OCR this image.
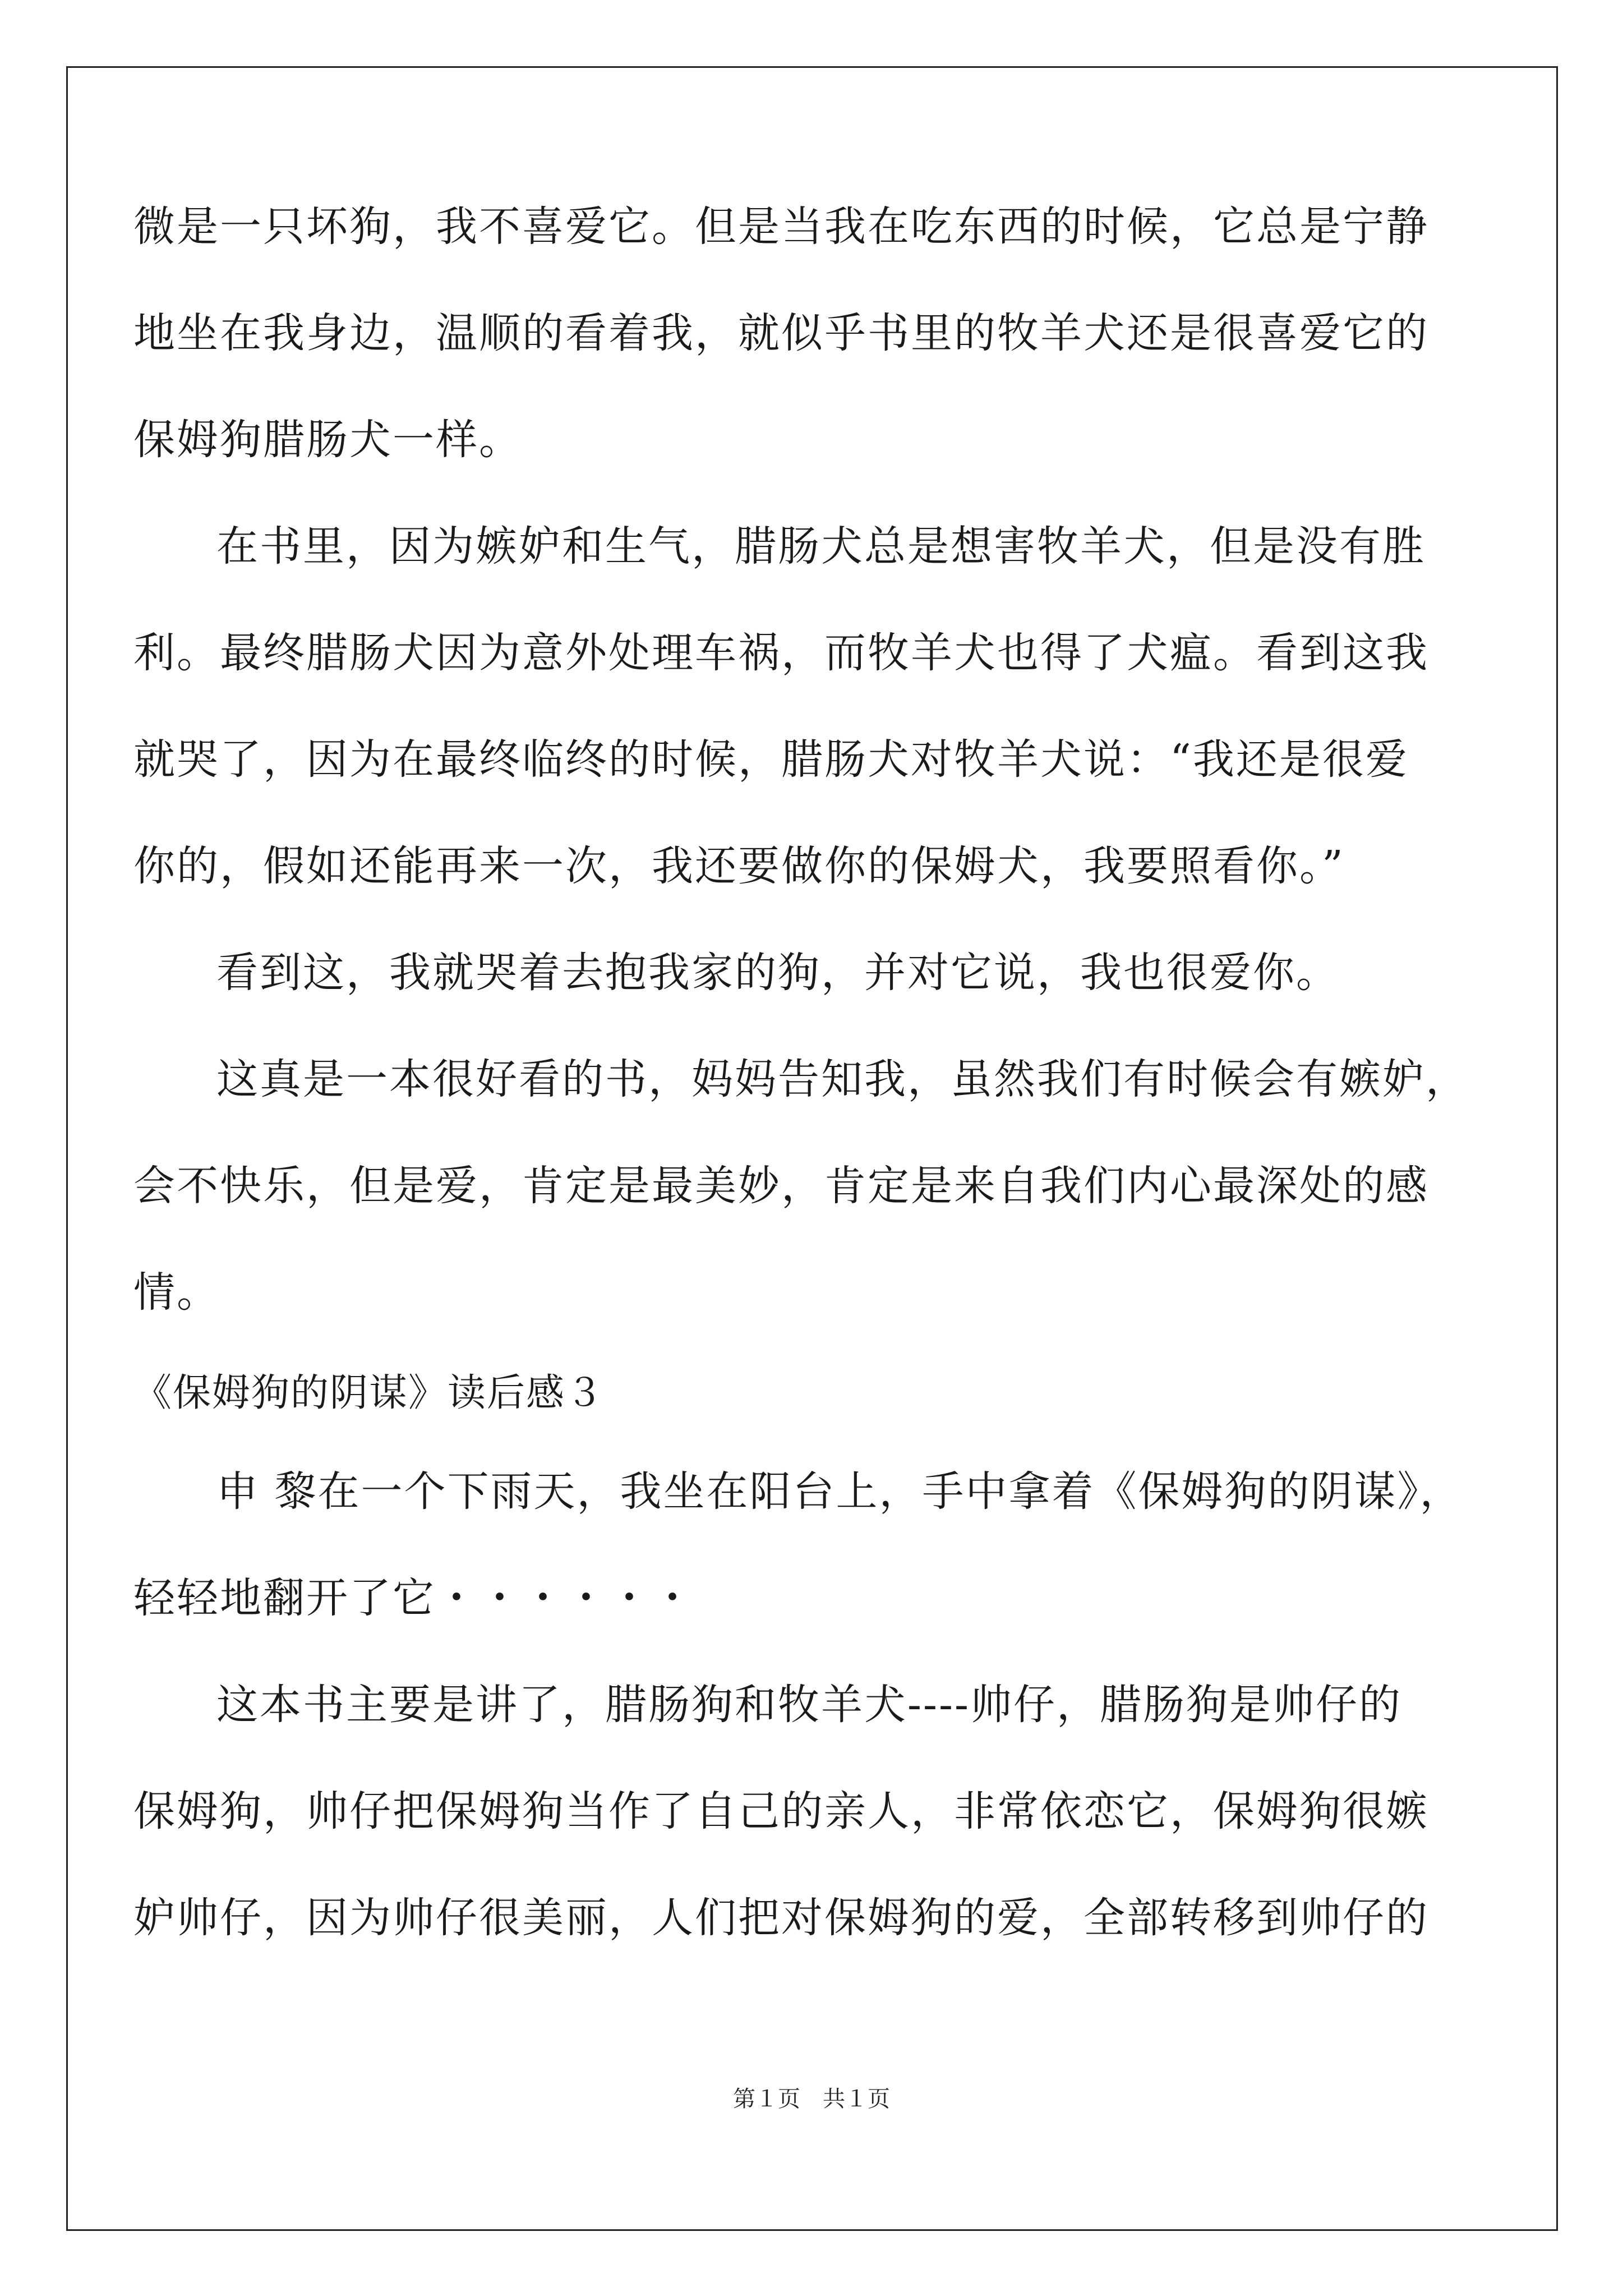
微是一只坏狗，我不喜爱它。但是当我在吃东西的时候，它总是宁静
地坐在我身边，温顺的看着我，就似乎书里的牧羊犬还是很喜爱它的
保姆狗腊肠犬一样。
在书里，因为嫉妒和生气，腊肠犬总是想害牧羊犬，但是没有胜
利。最终腊肠犬因为意外处理车祸，而牧羊犬也得了犬瘟。看到这我
就哭了，因为在最终临终的时候，腊肠犬对牧羊犬说：“我还是很爱
你的，假如还能再来一次，我还要做你的保姆犬，我要照看你。”
看到这，我就哭着去抱我家的狗，并对它说，我也很爱你。
这真是一本很好看的书，妈妈告知我，虽然我们有时候会有嫉妒，
会不快乐，但是爱，肯定是最美妙，肯定是来自我们内心最深处的感
情。
《保姆狗的阴谋》读后感３
申 黎在一个下雨天，我坐在阳台上，手中拿着《保姆狗的阴谋》，
轻轻地翻开了它・・・・・・
这本书主要是讲了，腊肠狗和牧羊犬----帅仔，腊肠狗是帅仔的
保姆狗，帅仔把保姆狗当作了自己的亲人，非常依恋它，保姆狗很嫉
妒帅仔，因为帅仔很美丽，人们把对保姆狗的爱，全部转移到帅仔的
第１页　共１页
